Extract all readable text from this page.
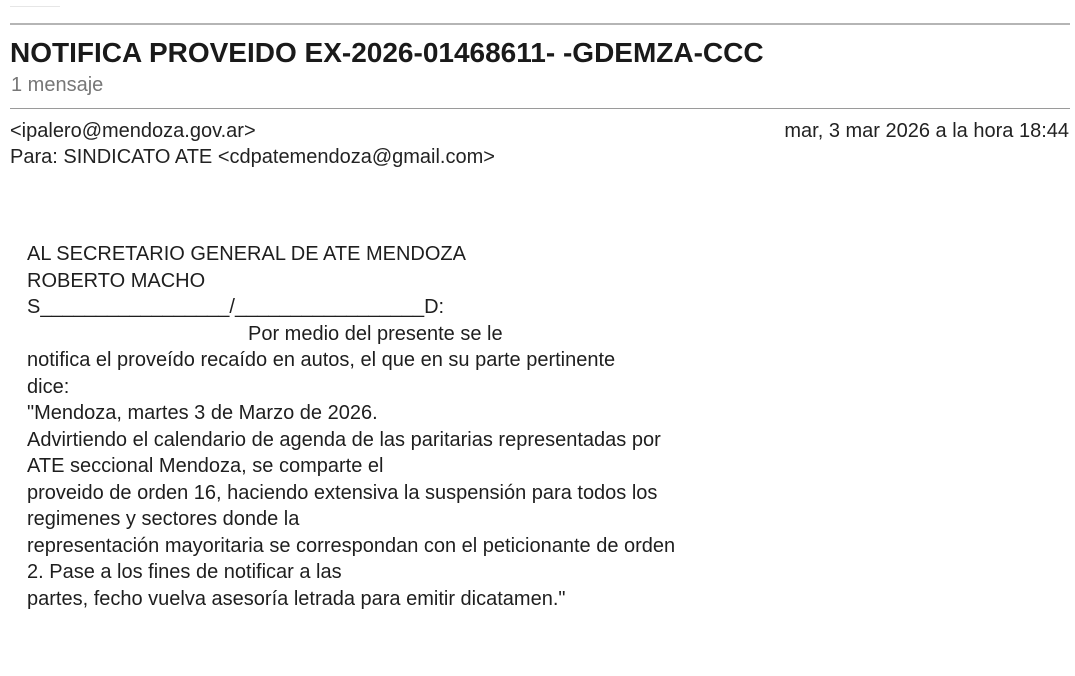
NOTIFICA PROVEIDO EX-2026-01468611- -GDEMZA-CCC
1 mensaje
<ipalero@mendoza.gov.ar>
Para: SINDICATO ATE <cdpatemendoza@gmail.com>
mar, 3 mar 2026 a la hora 18:44
AL SECRETARIO GENERAL DE ATE MENDOZA
ROBERTO MACHO
S_________________/_________________D:
Por medio del presente se le
notifica el proveído recaído en autos, el que en su parte pertinente
dice:
"Mendoza, martes 3 de Marzo de 2026.
Advirtiendo el calendario de agenda de las paritarias representadas por
ATE seccional Mendoza, se comparte el
proveido de orden 16, haciendo extensiva la suspensión para todos los
regimenes y sectores donde la
representación mayoritaria se correspondan con el peticionante de orden
2. Pase a los fines de notificar a las
partes, fecho vuelva asesoría letrada para emitir dicatamen."
